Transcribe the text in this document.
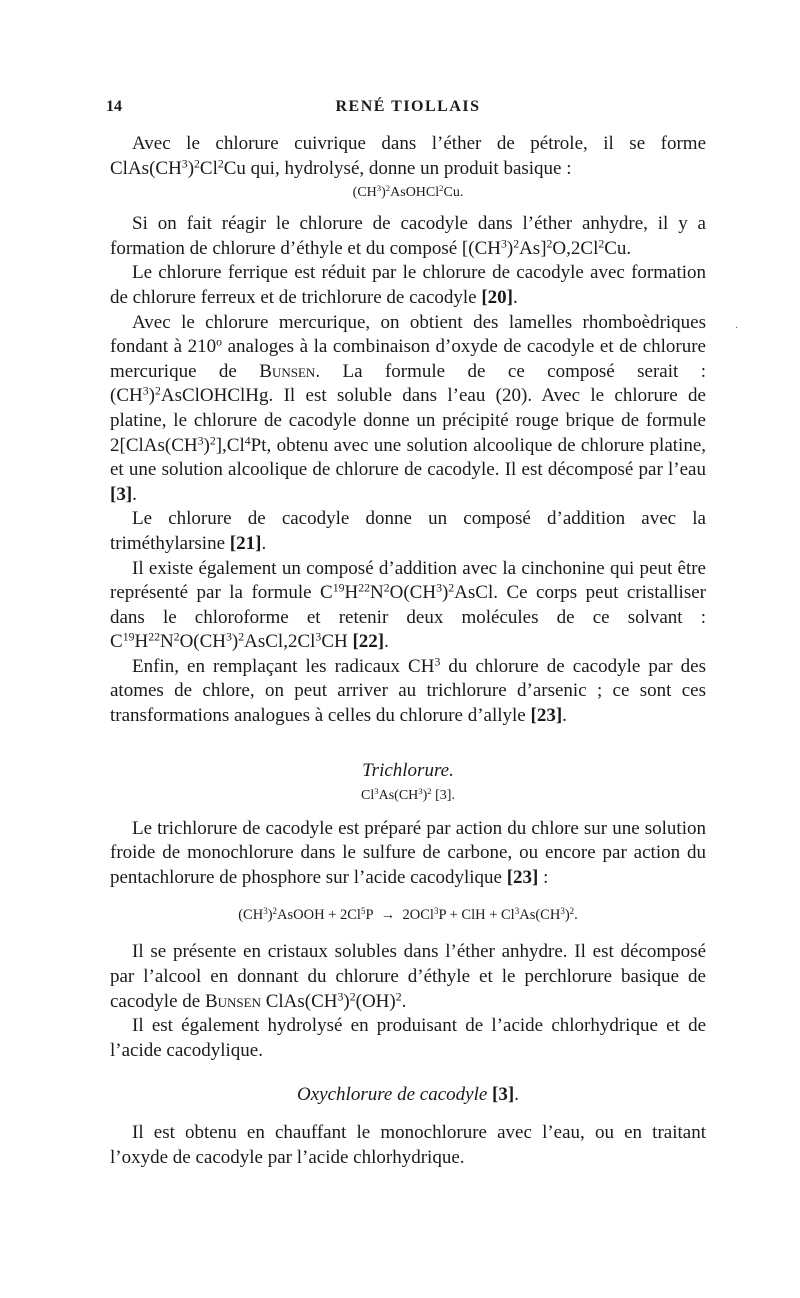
·
14	RENÉ TIOLLAIS

Avec le chlorure cuivrique dans l’éther de pétrole, il se forme $ClAs(CH^3)^2Cl^2Cu$ qui, hydrolysé, donne un produit basique :

$(CH^3)^2AsOHCl^2Cu$.

Si on fait réagir le chlorure de cacodyle dans l’éther anhydre, il y a formation de chlorure d’éthyle et du composé $[(CH^3)^2As]^2O,2Cl^2Cu$.

Le chlorure ferrique est réduit par le chlorure de cacodyle avec formation de chlorure ferreux et de trichlorure de cacodyle [20].

Avec le chlorure mercurique, on obtient des lamelles rhomboèdriques fondant à 210$^o$ analoges à la combinaison d’oxyde de cacodyle et de chlorure mercurique de Bunsen. La formule de ce composé serait : $(CH^3)^2AsClOHClHg$. Il est soluble dans l’eau (20). Avec le chlorure de platine, le chlorure de cacodyle donne un précipité rouge brique de formule $2[ClAs(CH^3)^2],Cl^4Pt$, obtenu avec une solution alcoolique de chlorure platine, et une solution alcoolique de chlorure de cacodyle. Il est décomposé par l’eau [3].

Le chlorure de cacodyle donne un composé d’addition avec la triméthylarsine [21].

Il existe également un composé d’addition avec la cinchonine qui peut être représenté par la formule $C^{19}H^{22}N^2O(CH^3)^2AsCl$. Ce corps peut cristalliser dans le chloroforme et retenir deux molécules de ce solvant : $C^{19}H^{22}N^2O(CH^3)^2AsCl,2Cl^3CH$ [22].

Enfin, en remplaçant les radicaux $CH^3$ du chlorure de cacodyle par des atomes de chlore, on peut arriver au trichlorure d’arsenic ; ce sont ces transformations analogues à celles du chlorure d’allyle [23].

Trichlorure.
$Cl^3As(CH^3)^2$ [3].

Le trichlorure de cacodyle est préparé par action du chlore sur une solution froide de monochlorure dans le sulfure de carbone, ou encore par action du pentachlorure de phosphore sur l’acide cacodylique [23] :

$(CH^3)^2AsOOH + 2Cl^5P \to 2OCl^3P$ + ClH + $Cl^3As(CH^3)^2$.

Il se présente en cristaux solubles dans l’éther anhydre. Il est décomposé par l’alcool en donnant du chlorure d’éthyle et le perchlorure basique de cacodyle de Bunsen $ClAs(CH^3)^2(OH)^2$.

Il est également hydrolysé en produisant de l’acide chlorhydrique et de l’acide cacodylique.

Oxychlorure de cacodyle [3].

Il est obtenu en chauffant le monochlorure avec l’eau, ou en traitant l’oxyde de cacodyle par l’acide chlorhydrique.
